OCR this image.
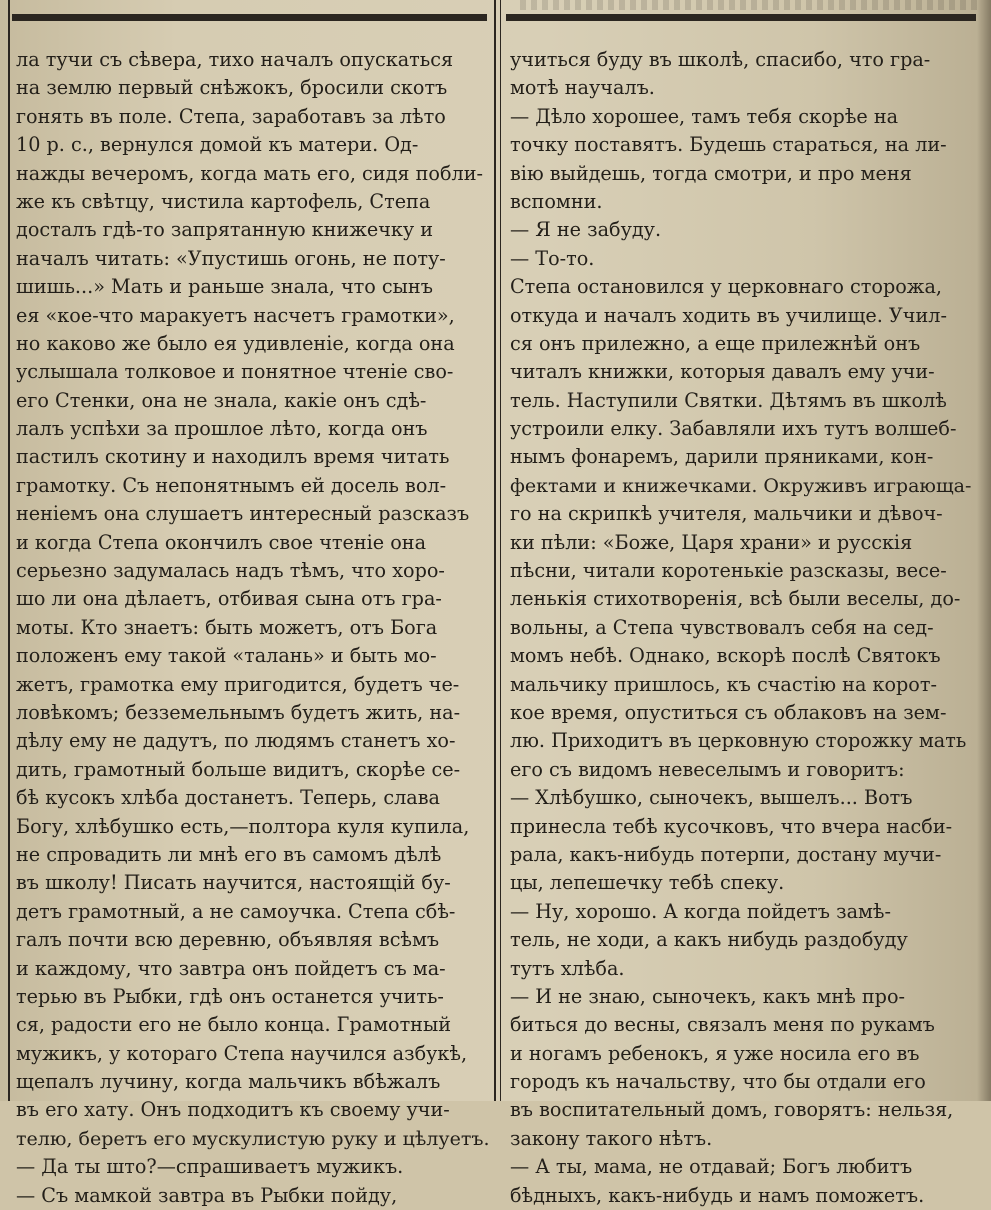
ла тучи съ сѣвера, тихо началъ опускаться
на землю первый снѣжокъ, бросили скотъ
гонять въ поле. Степа, заработавъ за лѣто
10 р. с., вернулся домой къ матери. Од-
нажды вечеромъ, когда мать его, сидя побли-
же къ свѣтцу, чистила картофель, Степа
досталъ гдѣ-то запрятанную книжечку и
началъ читать: «Упустишь огонь, не поту-
шишь...» Мать и раньше знала, что сынъ
ея «кое-что маракуетъ насчетъ грамотки»,
но каково же было ея удивленіе, когда она
услышала толковое и понятное чтеніе сво-
его Стенки, она не знала, какіе онъ сдѣ-
лалъ успѣхи за прошлое лѣто, когда онъ
пастилъ скотину и находилъ время читать
грамотку. Съ непонятнымъ ей досель вол-
неніемъ она слушаетъ интересный разсказъ
и когда Степа окончилъ свое чтеніе она
серьезно задумалась надъ тѣмъ, что хоро-
шо ли она дѣлаетъ, отбивая сына отъ гра-
моты. Кто знаетъ: быть можетъ, отъ Бога
положенъ ему такой «талань» и быть мо-
жетъ, грамотка ему пригодится, будетъ че-
ловѣкомъ; безземельнымъ будетъ жить, на-
дѣлу ему не дадутъ, по людямъ станетъ хо-
дить, грамотный больше видитъ, скорѣе се-
бѣ кусокъ хлѣба достанетъ. Теперь, слава
Богу, хлѣбушко есть,—полтора куля купила,
не спровадить ли мнѣ его въ самомъ дѣлѣ
въ школу! Писать научится, настоящій бу-
детъ грамотный, а не самоучка. Степа сбѣ-
галъ почти всю деревню, объявляя всѣмъ
и каждому, что завтра онъ пойдетъ съ ма-
терью въ Рыбки, гдѣ онъ останется учить-
ся, радости его не было конца. Грамотный
мужикъ, у котораго Степа научился азбукѣ,
щепалъ лучину, когда мальчикъ вбѣжалъ
въ его хату. Онъ подходитъ къ своему учи-
телю, беретъ его мускулистую руку и цѣлуетъ.
— Да ты што?—спрашиваетъ мужикъ.
— Съ мамкой завтра въ Рыбки пойду,
учиться буду въ школѣ, спасибо, что гра-
мотѣ научалъ.
— Дѣло хорошее, тамъ тебя скорѣе на
точку поставятъ. Будешь стараться, на ли-
вію выйдешь, тогда смотри, и про меня
вспомни.
— Я не забуду.
— То-то.
Степа остановился у церковнаго сторожа,
откуда и началъ ходить въ училище. Учил-
ся онъ прилежно, а еще прилежнѣй онъ
читалъ книжки, которыя давалъ ему учи-
тель. Наступили Святки. Дѣтямъ въ школѣ
устроили елку. Забавляли ихъ тутъ волшеб-
нымъ фонаремъ, дарили пряниками, кон-
фектами и книжечками. Окруживъ играюща-
го на скрипкѣ учителя, мальчики и дѣвоч-
ки пѣли: «Боже, Царя храни» и русскія
пѣсни, читали коротенькіе разсказы, весе-
ленькія стихотворенія, всѣ были веселы, до-
вольны, а Степа чувствовалъ себя на сед-
момъ небѣ. Однако, вскорѣ послѣ Святокъ
мальчику пришлось, къ счастію на корот-
кое время, опуститься съ облаковъ на зем-
лю. Приходитъ въ церковную сторожку мать
его съ видомъ невеселымъ и говоритъ:
— Хлѣбушко, сыночекъ, вышелъ... Вотъ
принесла тебѣ кусочковъ, что вчера насби-
рала, какъ-нибудь потерпи, достану мучи-
цы, лепешечку тебѣ спеку.
— Ну, хорошо. А когда пойдетъ замѣ-
тель, не ходи, а какъ нибудь раздобуду
тутъ хлѣба.
— И не знаю, сыночекъ, какъ мнѣ про-
биться до весны, связалъ меня по рукамъ
и ногамъ ребенокъ, я уже носила его въ
городъ къ начальству, что бы отдали его
въ воспитательный домъ, говорятъ: нельзя,
закону такого нѣтъ.
— А ты, мама, не отдавай; Богъ любитъ
бѣдныхъ, какъ-нибудь и намъ поможетъ.
